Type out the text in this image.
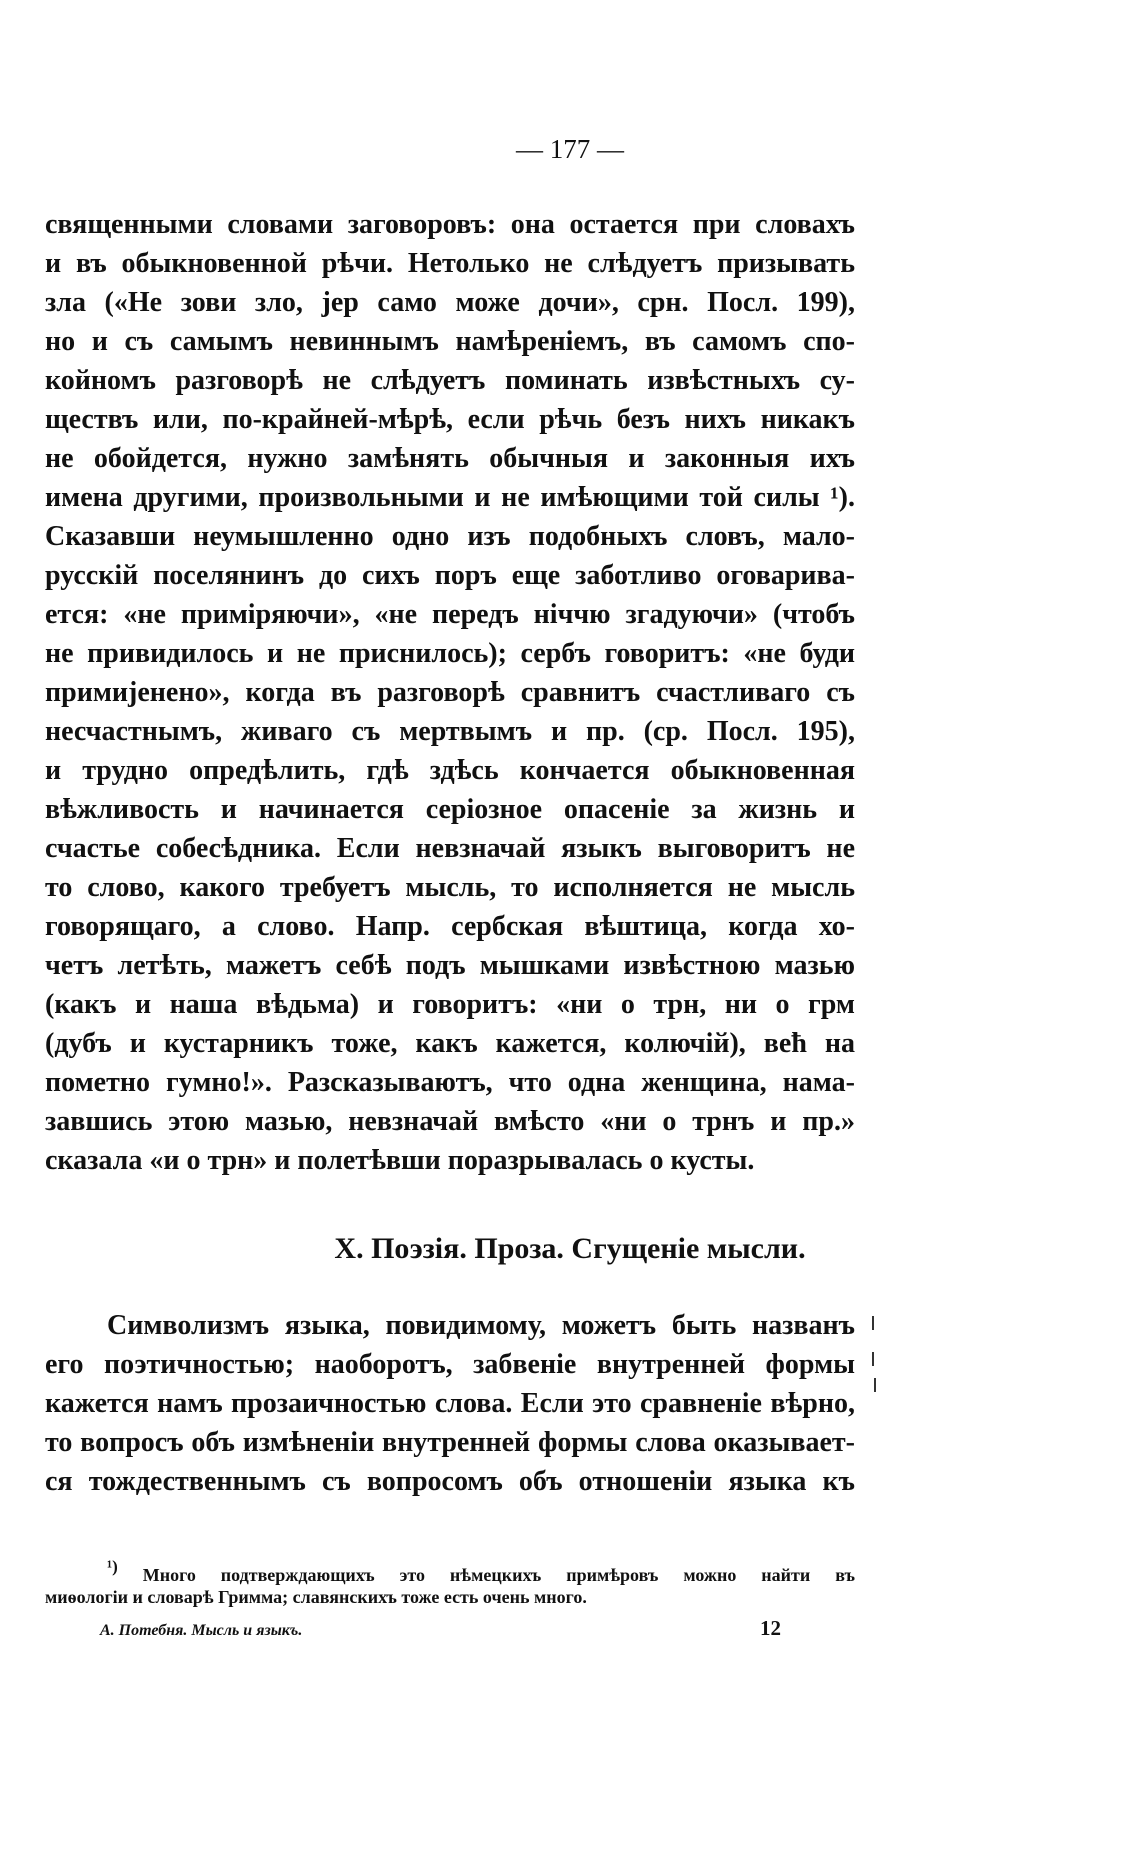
— 177 —
священными словами заговоровъ: она остается при словахъ
и въ обыкновенной рѣчи. Нетолько не слѣдуетъ призывать
зла («Не зови зло, јер само може дочи», срн. Посл. 199),
но и съ самымъ невиннымъ намѣреніемъ, въ самомъ спо-
койномъ разговорѣ не слѣдуетъ поминать извѣстныхъ су-
ществъ или, по-крайней-мѣрѣ, если рѣчь безъ нихъ никакъ
не обойдется, нужно замѣнять обычныя и законныя ихъ
имена другими, произвольными и не имѣющими той силы ¹).
Сказавши неумышленно одно изъ подобныхъ словъ, мало-
русскій поселянинъ до сихъ поръ еще заботливо оговарива-
ется: «не приміряючи», «не передъ ніччю згадуючи» (чтобъ
не привидилось и не приснилось); сербъ говоритъ: «не буди
примијенено», когда въ разговорѣ сравнитъ счастливаго съ
несчастнымъ, живаго съ мертвымъ и пр. (ср. Посл. 195),
и трудно опредѣлить, гдѣ здѣсь кончается обыкновенная
вѣжливость и начинается серіозное опасеніе за жизнь и
счастье собесѣдника. Если невзначай языкъ выговоритъ не
то слово, какого требуетъ мысль, то исполняется не мысль
говорящаго, а слово. Напр. сербская вѣштица, когда хо-
четъ летѣть, мажетъ себѣ подъ мышками извѣстною мазью
(какъ и наша вѣдьма) и говоритъ: «ни о трн, ни о грм
(дубъ и кустарникъ тоже, какъ кажется, колючій), већ на
пометно гумно!». Разсказываютъ, что одна женщина, нама-
завшись этою мазью, невзначай вмѣсто «ни о трнъ и пр.»
сказала «и о трн» и полетѣвши поразрывалась о кусты.
X. Поэзія. Проза. Сгущеніе мысли.
Символизмъ языка, повидимому, можетъ быть названъ
его поэтичностью; наоборотъ, забвеніе внутренней формы
кажется намъ прозаичностью слова. Если это сравненіе вѣрно,
то вопросъ объ измѣненіи внутренней формы слова оказывает-
ся тождественнымъ съ вопросомъ объ отношеніи языка къ
¹) Много подтверждающихъ это нѣмецкихъ примѣровъ можно найти въ
миѳологіи и словарѣ Гримма; славянскихъ тоже есть очень много.
А. Потебня. Мысль и языкъ.	12
